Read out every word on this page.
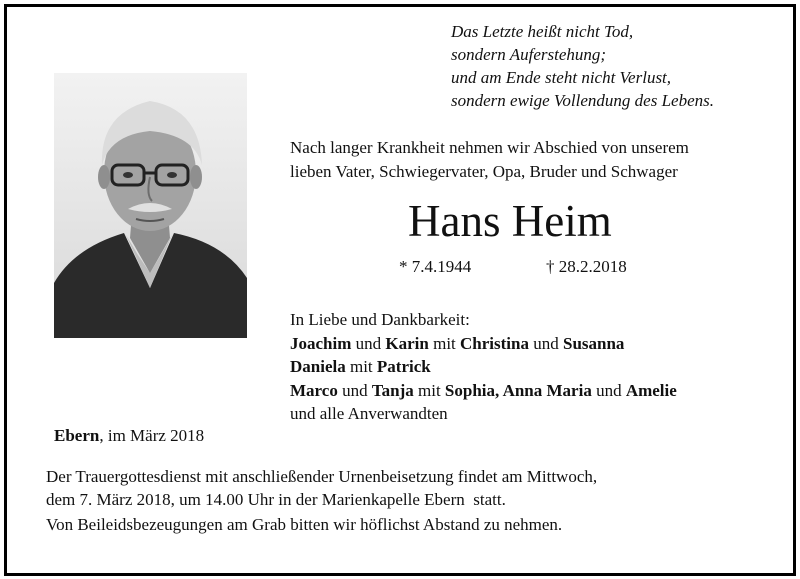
Das Letzte heißt nicht Tod,
sondern Auferstehung;
und am Ende steht nicht Verlust,
sondern ewige Vollendung des Lebens.
Nach langer Krankheit nehmen wir Abschied von unserem
lieben Vater, Schwiegervater, Opa, Bruder und Schwager
Hans Heim
* 7.4.1944	† 28.2.2018
In Liebe und Dankbarkeit:
Joachim und Karin mit Christina und Susanna
Daniela mit Patrick
Marco und Tanja mit Sophia, Anna Maria und Amelie
und alle Anverwandten
Ebern, im März 2018
Der Trauergottesdienst mit anschließender Urnenbeisetzung findet am Mittwoch,
dem 7. März 2018, um 14.00 Uhr in der Marienkapelle Ebern  statt.
Von Beileidsbezeugungen am Grab bitten wir höflichst Abstand zu nehmen.
